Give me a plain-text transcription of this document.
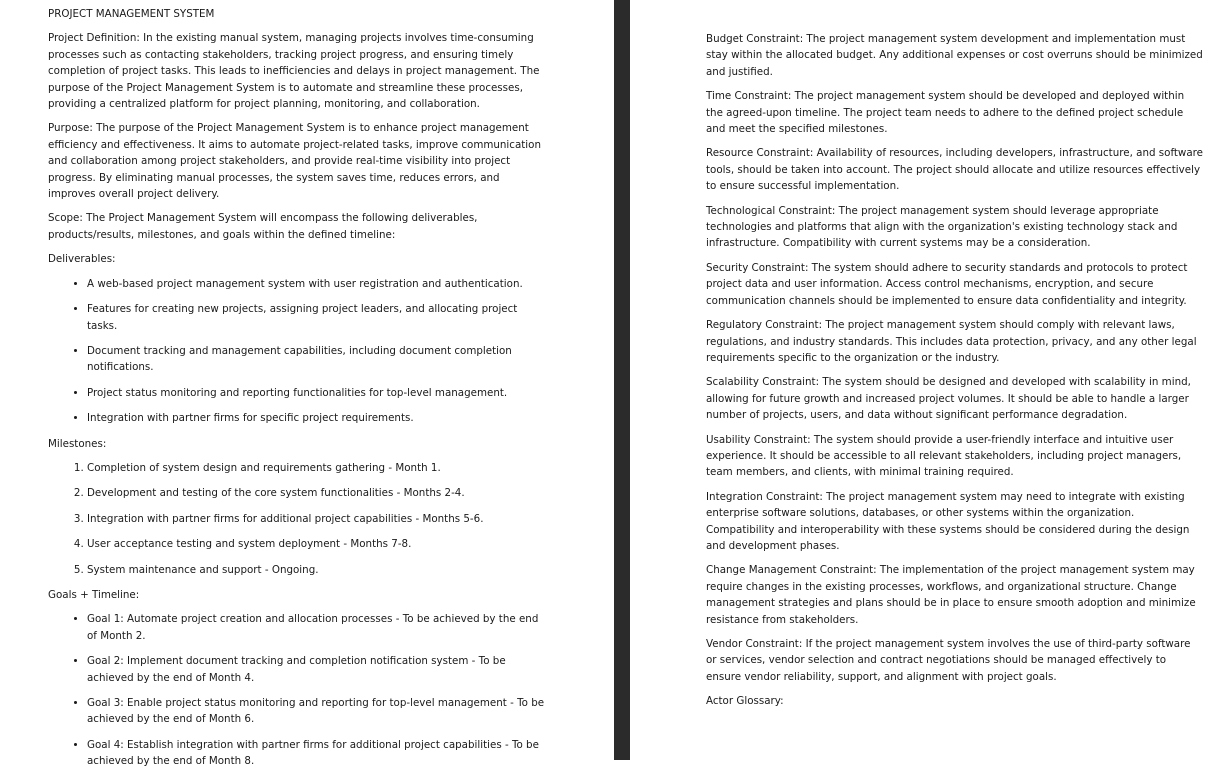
PROJECT MANAGEMENT SYSTEM

Project Definition: In the existing manual system, managing projects involves time-consuming processes such as contacting stakeholders, tracking project progress, and ensuring timely completion of project tasks. This leads to inefficiencies and delays in project management. The purpose of the Project Management System is to automate and streamline these processes, providing a centralized platform for project planning, monitoring, and collaboration.

Purpose: The purpose of the Project Management System is to enhance project management efficiency and effectiveness. It aims to automate project-related tasks, improve communication and collaboration among project stakeholders, and provide real-time visibility into project progress. By eliminating manual processes, the system saves time, reduces errors, and improves overall project delivery.

Scope: The Project Management System will encompass the following deliverables, products/results, milestones, and goals within the defined timeline:

Deliverables:

• A web-based project management system with user registration and authentication.
• Features for creating new projects, assigning project leaders, and allocating project tasks.
• Document tracking and management capabilities, including document completion notifications.
• Project status monitoring and reporting functionalities for top-level management.
• Integration with partner firms for specific project requirements.

Milestones:

1. Completion of system design and requirements gathering - Month 1.
2. Development and testing of the core system functionalities - Months 2-4.
3. Integration with partner firms for additional project capabilities - Months 5-6.
4. User acceptance testing and system deployment - Months 7-8.
5. System maintenance and support - Ongoing.

Goals + Timeline:

• Goal 1: Automate project creation and allocation processes - To be achieved by the end of Month 2.
• Goal 2: Implement document tracking and completion notification system - To be achieved by the end of Month 4.
• Goal 3: Enable project status monitoring and reporting for top-level management - To be achieved by the end of Month 6.
• Goal 4: Establish integration with partner firms for additional project capabilities - To be achieved by the end of Month 8.

Budget Constraint: The project management system development and implementation must stay within the allocated budget. Any additional expenses or cost overruns should be minimized and justified.

Time Constraint: The project management system should be developed and deployed within the agreed-upon timeline. The project team needs to adhere to the defined project schedule and meet the specified milestones.

Resource Constraint: Availability of resources, including developers, infrastructure, and software tools, should be taken into account. The project should allocate and utilize resources effectively to ensure successful implementation.

Technological Constraint: The project management system should leverage appropriate technologies and platforms that align with the organization's existing technology stack and infrastructure. Compatibility with current systems may be a consideration.

Security Constraint: The system should adhere to security standards and protocols to protect project data and user information. Access control mechanisms, encryption, and secure communication channels should be implemented to ensure data confidentiality and integrity.

Regulatory Constraint: The project management system should comply with relevant laws, regulations, and industry standards. This includes data protection, privacy, and any other legal requirements specific to the organization or the industry.

Scalability Constraint: The system should be designed and developed with scalability in mind, allowing for future growth and increased project volumes. It should be able to handle a larger number of projects, users, and data without significant performance degradation.

Usability Constraint: The system should provide a user-friendly interface and intuitive user experience. It should be accessible to all relevant stakeholders, including project managers, team members, and clients, with minimal training required.

Integration Constraint: The project management system may need to integrate with existing enterprise software solutions, databases, or other systems within the organization. Compatibility and interoperability with these systems should be considered during the design and development phases.

Change Management Constraint: The implementation of the project management system may require changes in the existing processes, workflows, and organizational structure. Change management strategies and plans should be in place to ensure smooth adoption and minimize resistance from stakeholders.

Vendor Constraint: If the project management system involves the use of third-party software or services, vendor selection and contract negotiations should be managed effectively to ensure vendor reliability, support, and alignment with project goals.

Actor Glossary:
